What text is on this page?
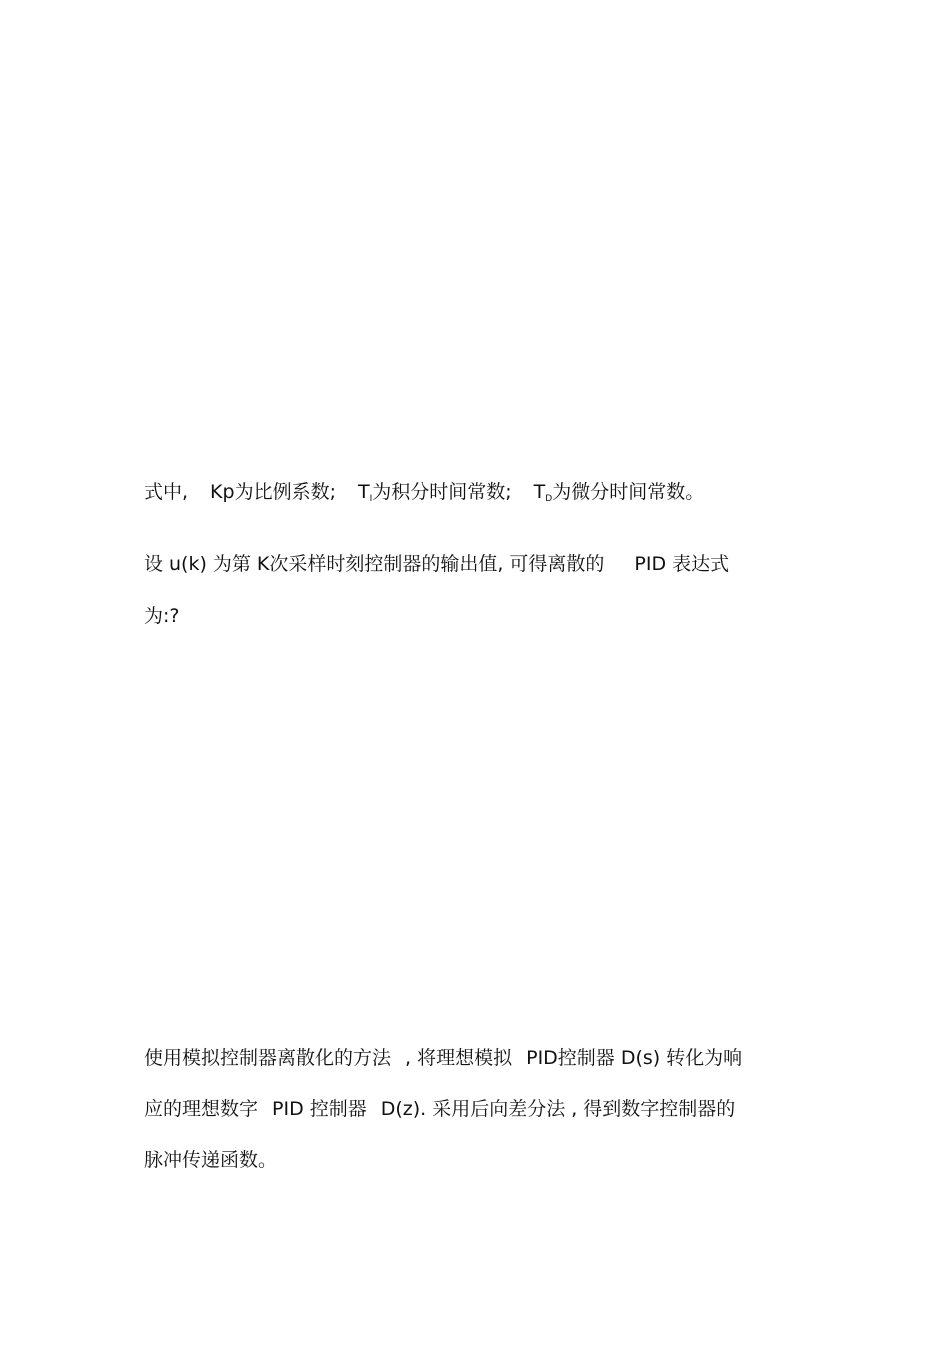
式中, Kp为比例系数; $T_I$为积分时间常数; $T_D$为微分时间常数。
设 u(k) 为第 K次采样时刻控制器的输出值, 可得离散的 PID 表达式
为:?
使用模拟控制器离散化的方法 , 将理想模拟 PID控制器 D(s) 转化为响
应的理想数字 PID 控制器 D(z). 采用后向差分法 , 得到数字控制器的
脉冲传递函数。
